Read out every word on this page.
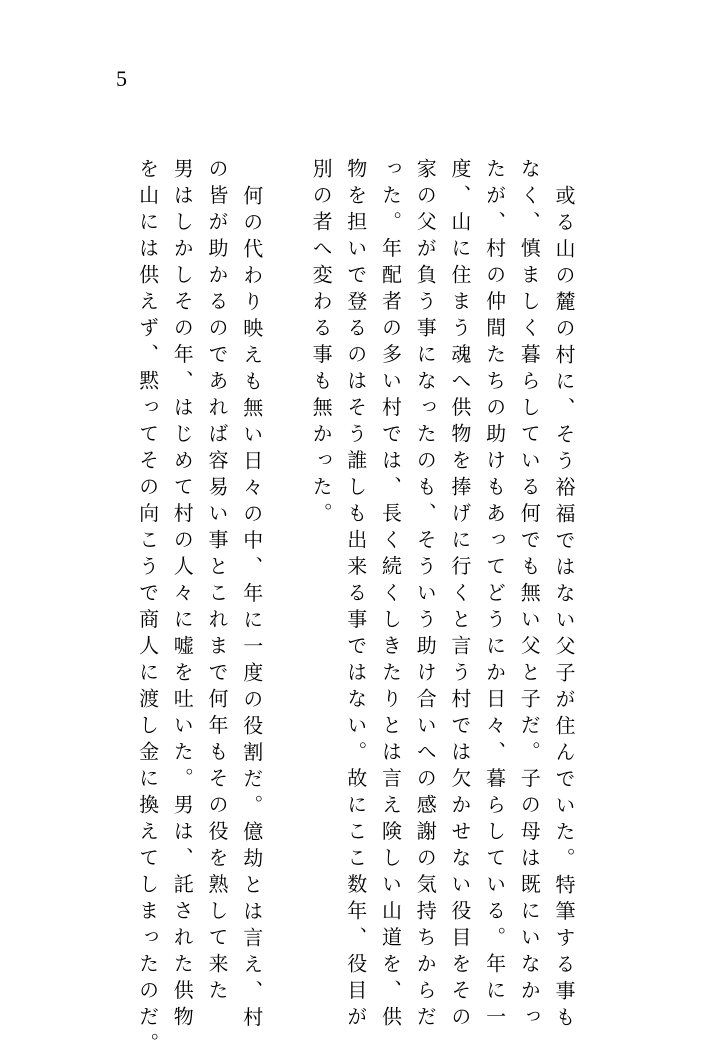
5
或る山の麓の村に、そう裕福ではない父子が住んでいた。特筆する事も
なく、慎ましく暮らしている何でも無い父と子だ。子の母は既にいなかっ
たが、村の仲間たちの助けもあってどうにか日々、暮らしている。年に一
度、山に住まう魂へ供物を捧げに行くと言う村では欠かせない役目をその
家の父が負う事になったのも、そういう助け合いへの感謝の気持ちからだ
った。年配者の多い村では、長く続くしきたりとは言え険しい山道を、供
物を担いで登るのはそう誰しも出来る事ではない。故にここ数年、役目が
別の者へ変わる事も無かった。
何の代わり映えも無い日々の中、年に一度の役割だ。億劫とは言え、村
の皆が助かるのであれば容易い事とこれまで何年もその役を熟して来た
男はしかしその年、はじめて村の人々に嘘を吐いた。男は、託された供物
を山には供えず、黙ってその向こうで商人に渡し金に換えてしまったのだ。
